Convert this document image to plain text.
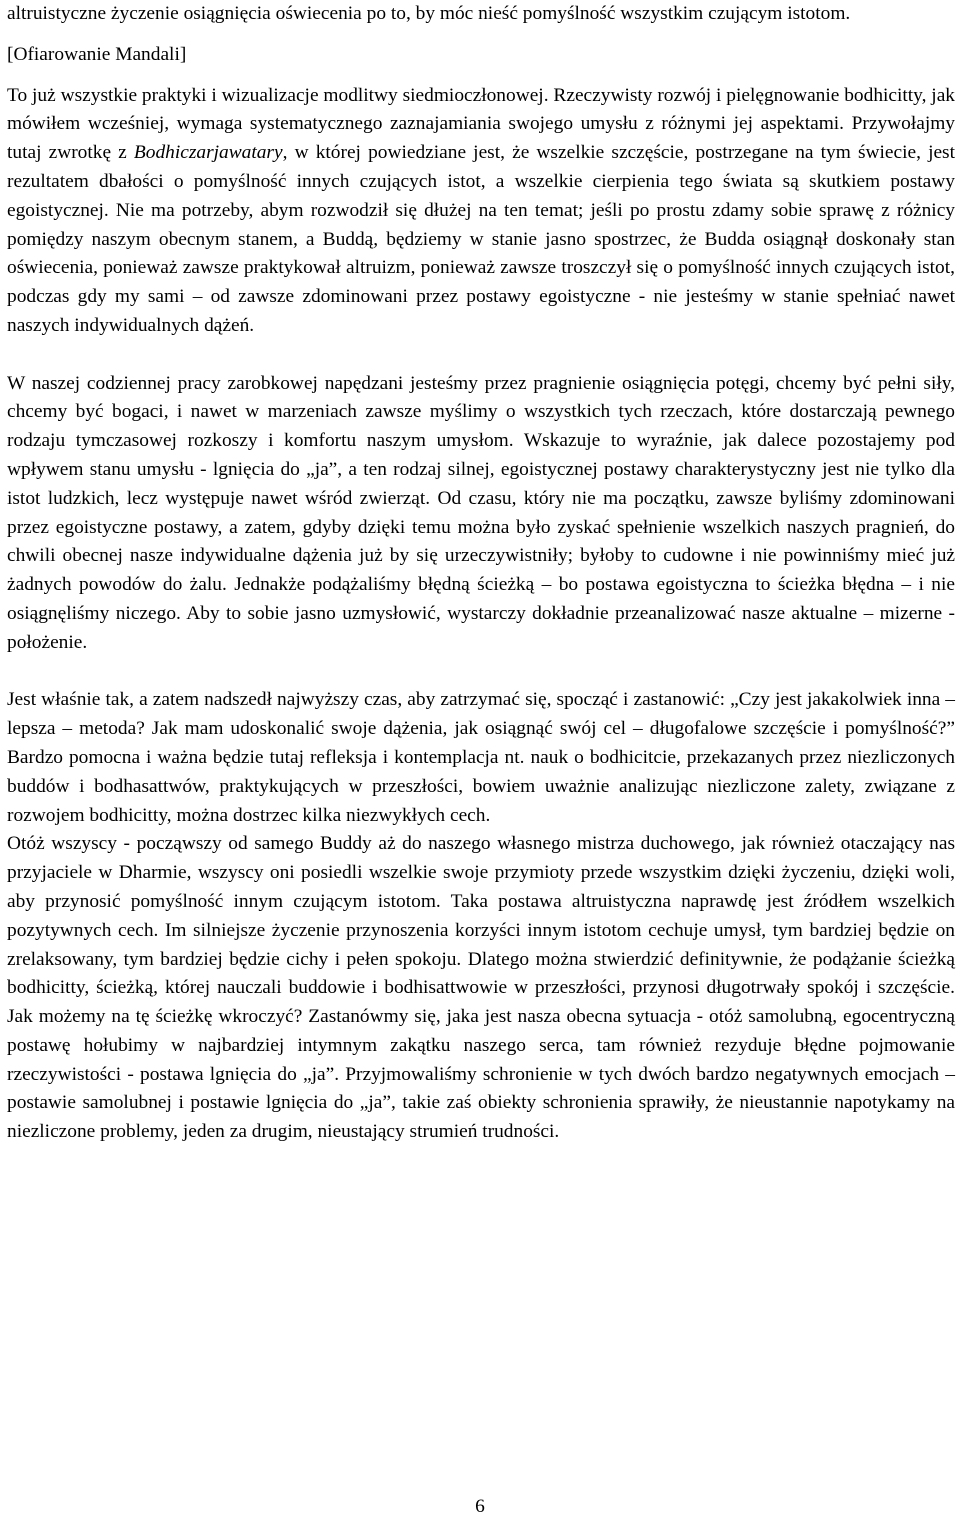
altruistyczne życzenie osiągnięcia oświecenia po to, by móc nieść pomyślność wszystkim czującym istotom.

[Ofiarowanie Mandali]

To już wszystkie praktyki i wizualizacje modlitwy siedmioczłonowej. Rzeczywisty rozwój i pielęgnowanie bodhicitty, jak mówiłem wcześniej, wymaga systematycznego zaznajamiania swojego umysłu z różnymi jej aspektami. Przywołajmy tutaj zwrotkę z Bodhiczarjawatary, w której powiedziane jest, że wszelkie szczęście, postrzegane na tym świecie, jest rezultatem dbałości o pomyślność innych czujących istot, a wszelkie cierpienia tego świata są skutkiem postawy egoistycznej. Nie ma potrzeby, abym rozwodził się dłużej na ten temat; jeśli po prostu zdamy sobie sprawę z różnicy pomiędzy naszym obecnym stanem, a Buddą, będziemy w stanie jasno spostrzec, że Budda osiągnął doskonały stan oświecenia, ponieważ zawsze praktykował altruizm, ponieważ zawsze troszczył się o pomyślność innych czujących istot, podczas gdy my sami – od zawsze zdominowani przez postawy egoistyczne - nie jesteśmy w stanie spełniać nawet naszych indywidualnych dążeń.

W naszej codziennej pracy zarobkowej napędzani jesteśmy przez pragnienie osiągnięcia potęgi, chcemy być pełni siły, chcemy być bogaci, i nawet w marzeniach zawsze myślimy o wszystkich tych rzeczach, które dostarczają pewnego rodzaju tymczasowej rozkoszy i komfortu naszym umysłom. Wskazuje to wyraźnie, jak dalece pozostajemy pod wpływem stanu umysłu - lgnięcia do „ja”, a ten rodzaj silnej, egoistycznej postawy charakterystyczny jest nie tylko dla istot ludzkich, lecz występuje nawet wśród zwierząt. Od czasu, który nie ma początku, zawsze byliśmy zdominowani przez egoistyczne postawy, a zatem, gdyby dzięki temu można było zyskać spełnienie wszelkich naszych pragnień, do chwili obecnej nasze indywidualne dążenia już by się urzeczywistniły; byłoby to cudowne i nie powinniśmy mieć już żadnych powodów do żalu. Jednakże podążaliśmy błędną ścieżką – bo postawa egoistyczna to ścieżka błędna – i nie osiągnęliśmy niczego. Aby to sobie jasno uzmysłowić, wystarczy dokładnie przeanalizować nasze aktualne – mizerne - położenie.

Jest właśnie tak, a zatem nadszedł najwyższy czas, aby zatrzymać się, spocząć i zastanowić: „Czy jest jakakolwiek inna – lepsza – metoda? Jak mam udoskonalić swoje dążenia, jak osiągnąć swój cel – długofalowe szczęście i pomyślność?” Bardzo pomocna i ważna będzie tutaj refleksja i kontemplacja nt. nauk o bodhicitcie, przekazanych przez niezliczonych buddów i bodhasattwów, praktykujących w przeszłości, bowiem uważnie analizując niezliczone zalety, związane z rozwojem bodhicitty, można dostrzec kilka niezwykłych cech.

Otóż wszyscy - począwszy od samego Buddy aż do naszego własnego mistrza duchowego, jak również otaczający nas przyjaciele w Dharmie, wszyscy oni posiedli wszelkie swoje przymioty przede wszystkim dzięki życzeniu, dzięki woli, aby przynosić pomyślność innym czującym istotom. Taka postawa altruistyczna naprawdę jest źródłem wszelkich pozytywnych cech. Im silniejsze życzenie przynoszenia korzyści innym istotom cechuje umysł, tym bardziej będzie on zrelaksowany, tym bardziej będzie cichy i pełen spokoju. Dlatego można stwierdzić definitywnie, że podążanie ścieżką bodhicitty, ścieżką, której nauczali buddowie i bodhisattwowie w przeszłości, przynosi długotrwały spokój i szczęście. Jak możemy na tę ścieżkę wkroczyć? Zastanówmy się, jaka jest nasza obecna sytuacja - otóż samolubną, egocentryczną postawę hołubimy w najbardziej intymnym zakątku naszego serca, tam również rezyduje błędne pojmowanie rzeczywistości - postawa lgnięcia do „ja”. Przyjmowaliśmy schronienie w tych dwóch bardzo negatywnych emocjach – postawie samolubnej i postawie lgnięcia do „ja”, takie zaś obiekty schronienia sprawiły, że nieustannie napotykamy na niezliczone problemy, jeden za drugim, nieustający strumień trudności.

6
